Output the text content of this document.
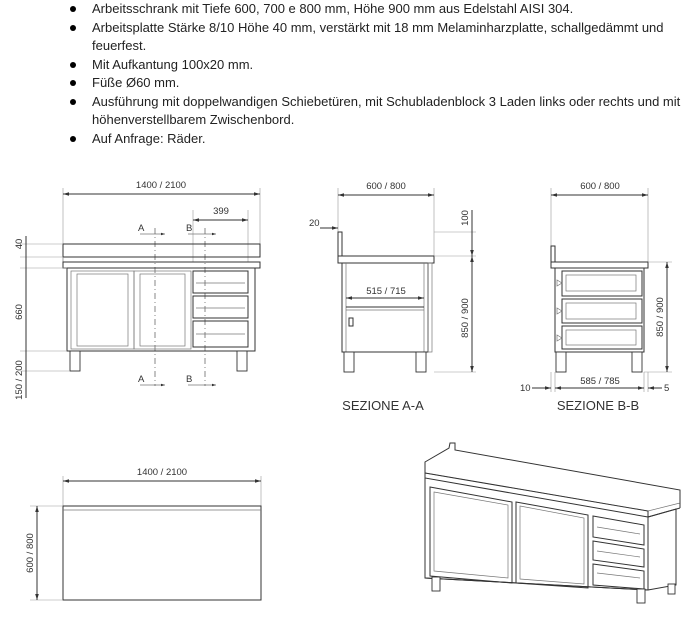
Arbeitsschrank mit Tiefe 600, 700 e 800 mm, Höhe 900 mm aus Edelstahl AISI 304.
Arbeitsplatte Stärke 8/10 Höhe 40 mm, verstärkt mit 18 mm Melaminharzplatte, schallgedämmt und feuerfest.
Mit Aufkantung 100x20 mm.
Füße Ø60 mm.
Ausführung mit doppelwandigen Schiebetüren, mit Schubladenblock 3 Laden links oder rechts und mit höhenverstellbarem Zwischenbord.
Auf Anfrage: Räder.
1400 / 2100
399
A	B
40
660
150 / 200	A	B
600 / 800
20	100
850 / 900
515 / 715
SEZIONE A-A
600 / 800
850 / 900
10
585 / 785
5
SEZIONE B-B
1400 / 2100
600 / 800
